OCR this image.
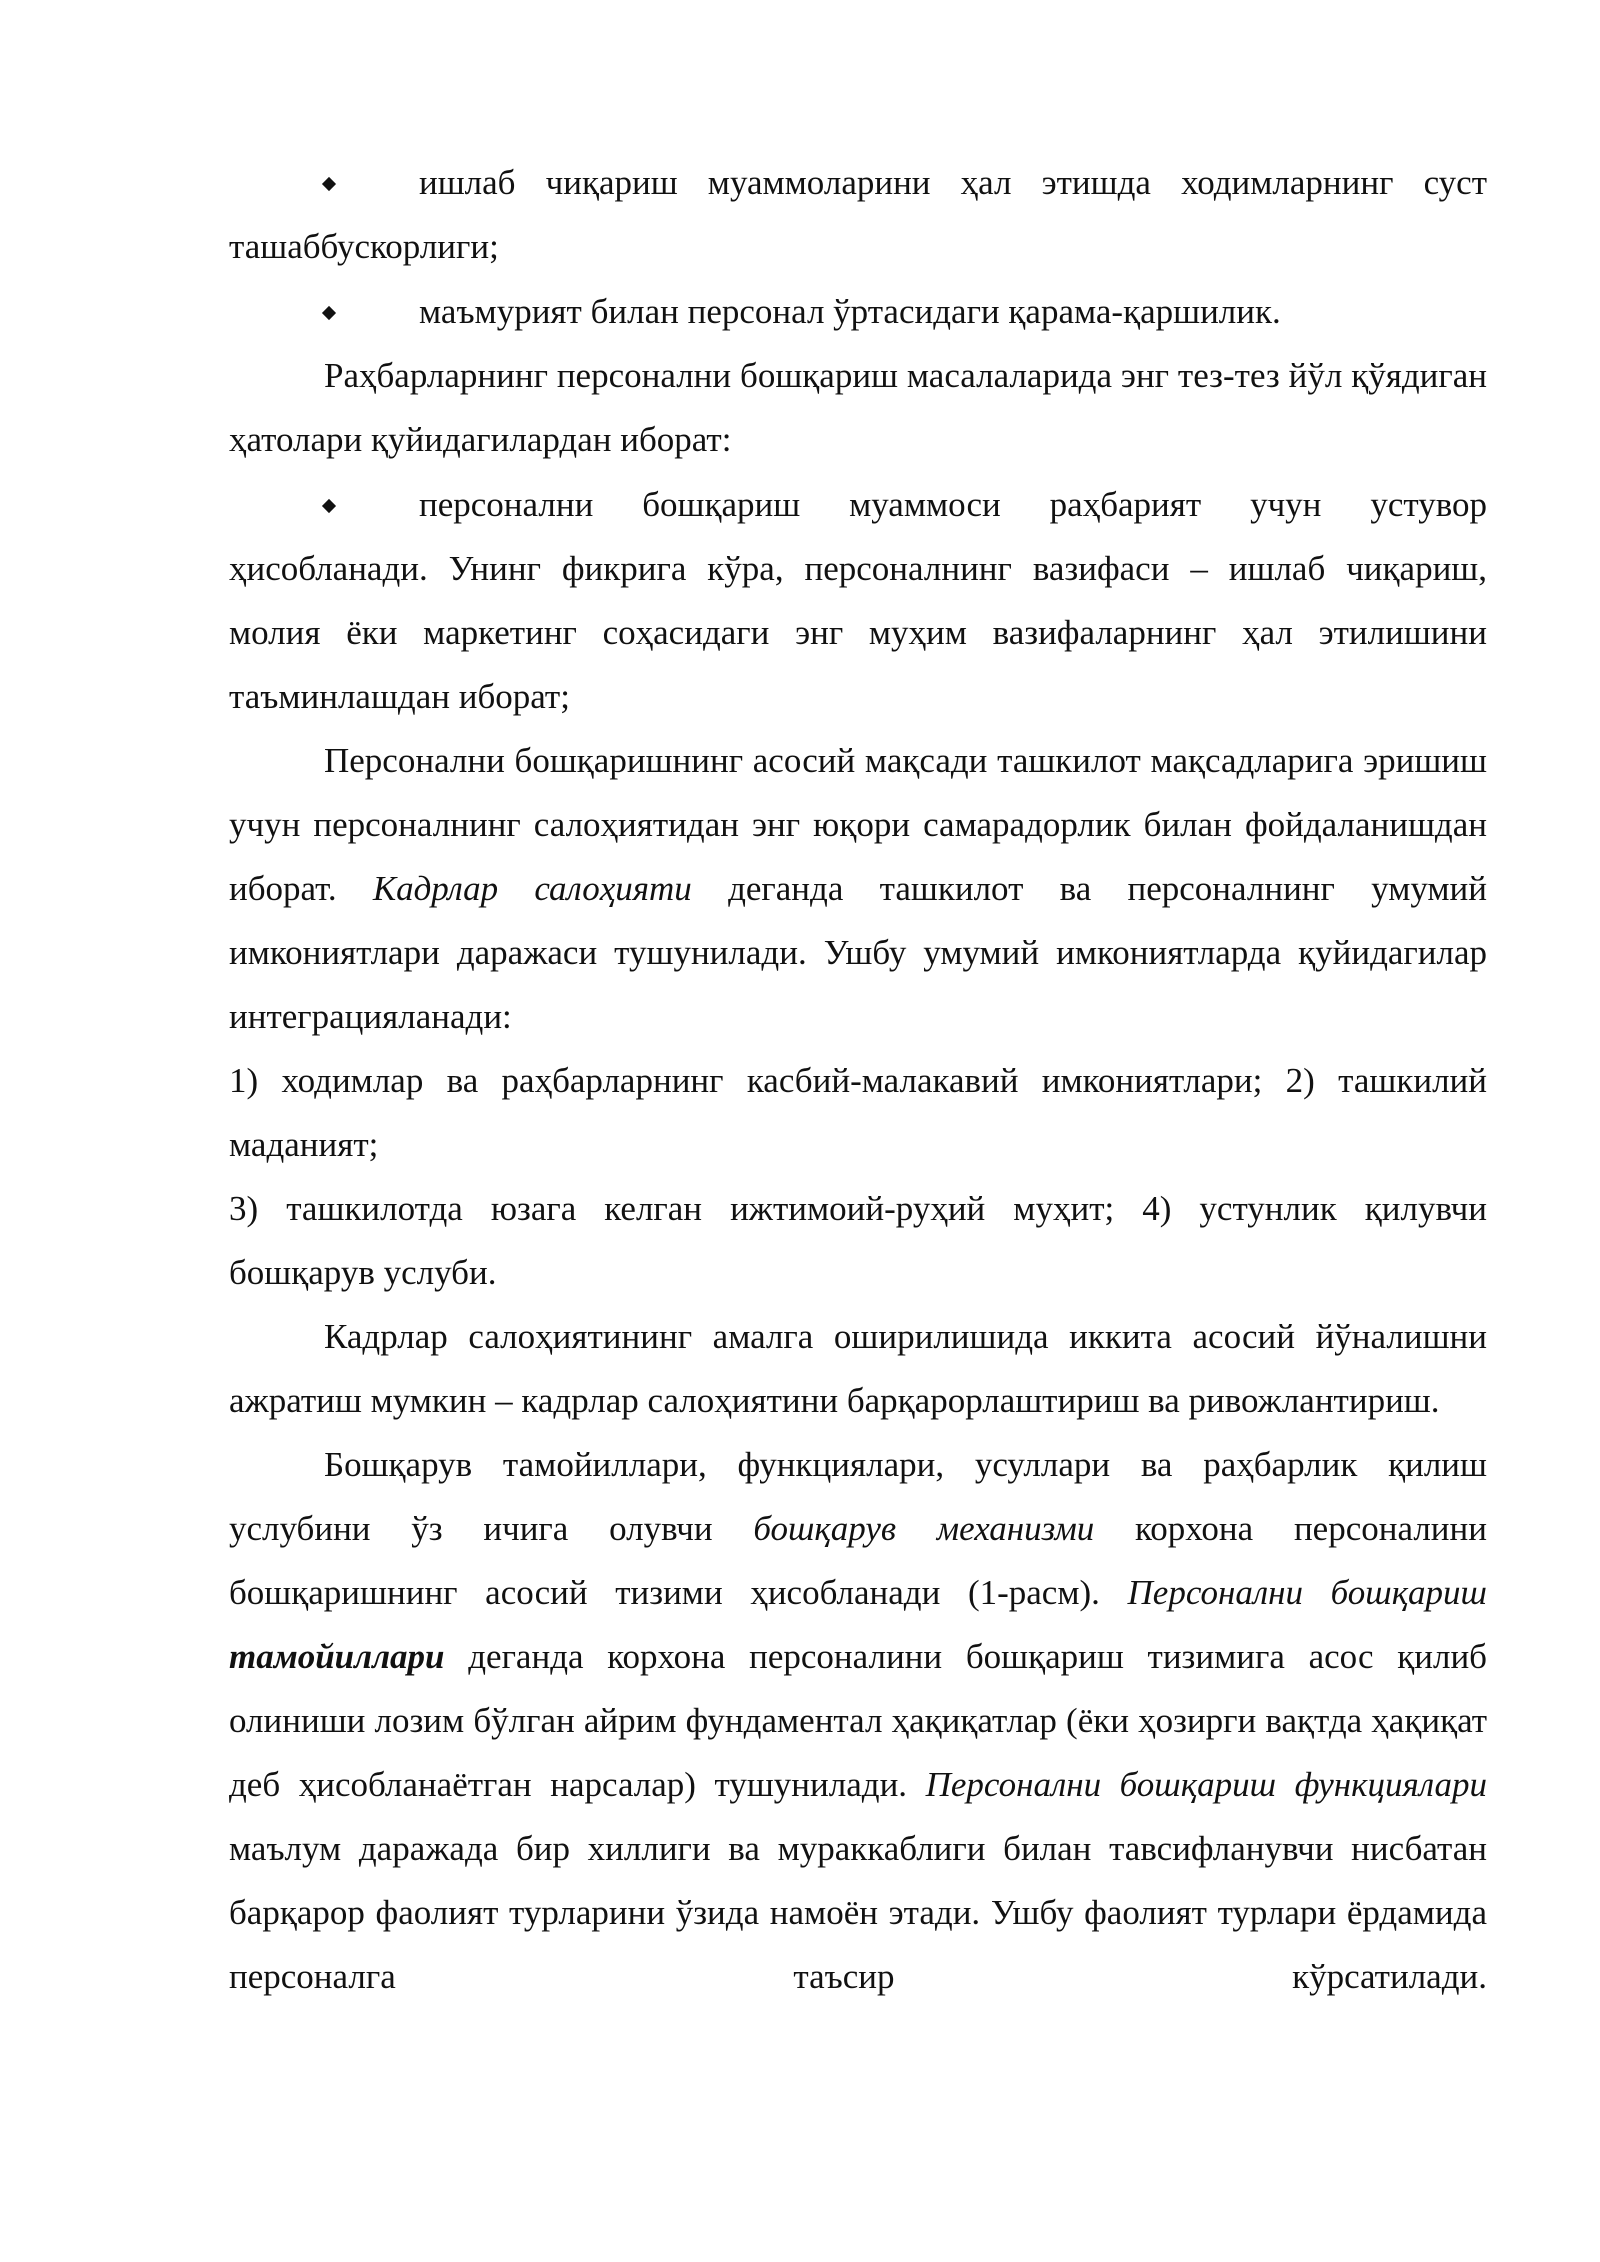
ишлаб чиқариш муаммоларини ҳал этишда ходимларнинг суст ташаббускорлиги;

маъмурият билан персонал ўртасидаги қарама-қаршилик.

Раҳбарларнинг персонални бошқариш масалаларида энг тез-тез йўл қўядиган ҳатолари қуйидагилардан иборат:

персонални бошқариш муаммоси раҳбарият учун устувор ҳисобланади. Унинг фикрига кўра, персоналнинг вазифаси – ишлаб чиқариш, молия ёки маркетинг соҳасидаги энг муҳим вазифаларнинг ҳал этилишини таъминлашдан иборат;

Персонални бошқаришнинг асосий мақсади ташкилот мақсадларига эришиш учун персоналнинг салоҳиятидан энг юқори самарадорлик билан фойдаланишдан иборат. Кадрлар салоҳияти деганда ташкилот ва персоналнинг умумий имкониятлари даражаси тушунилади. Ушбу умумий имкониятларда қуйидагилар интеграцияланади:

1) ходимлар ва раҳбарларнинг касбий-малакавий имкониятлари; 2) ташкилий маданият;

3) ташкилотда юзага келган ижтимоий-руҳий муҳит; 4) устунлик қилувчи бошқарув услуби.

Кадрлар салоҳиятининг амалга оширилишида иккита асосий йўналишни ажратиш мумкин – кадрлар салоҳиятини барқарорлаштириш ва ривожлантириш.

Бошқарув тамойиллари, функциялари, усуллари ва раҳбарлик қилиш услубини ўз ичига олувчи бошқарув механизми корхона персоналини бошқаришнинг асосий тизими ҳисобланади (1-расм). Персонални бошқариш тамойиллари деганда корхона персоналини бошқариш тизимига асос қилиб олиниши лозим бўлган айрим фундаментал ҳақиқатлар (ёки ҳозирги вақтда ҳақиқат деб ҳисобланаётган нарсалар) тушунилади. Персонални бошқариш функциялари маълум даражада бир хиллиги ва мураккаблиги билан тавсифланувчи нисбатан барқарор фаолият турларини ўзида намоён этади. Ушбу фаолият турлари ёрдамида персоналга таъсир кўрсатилади.
